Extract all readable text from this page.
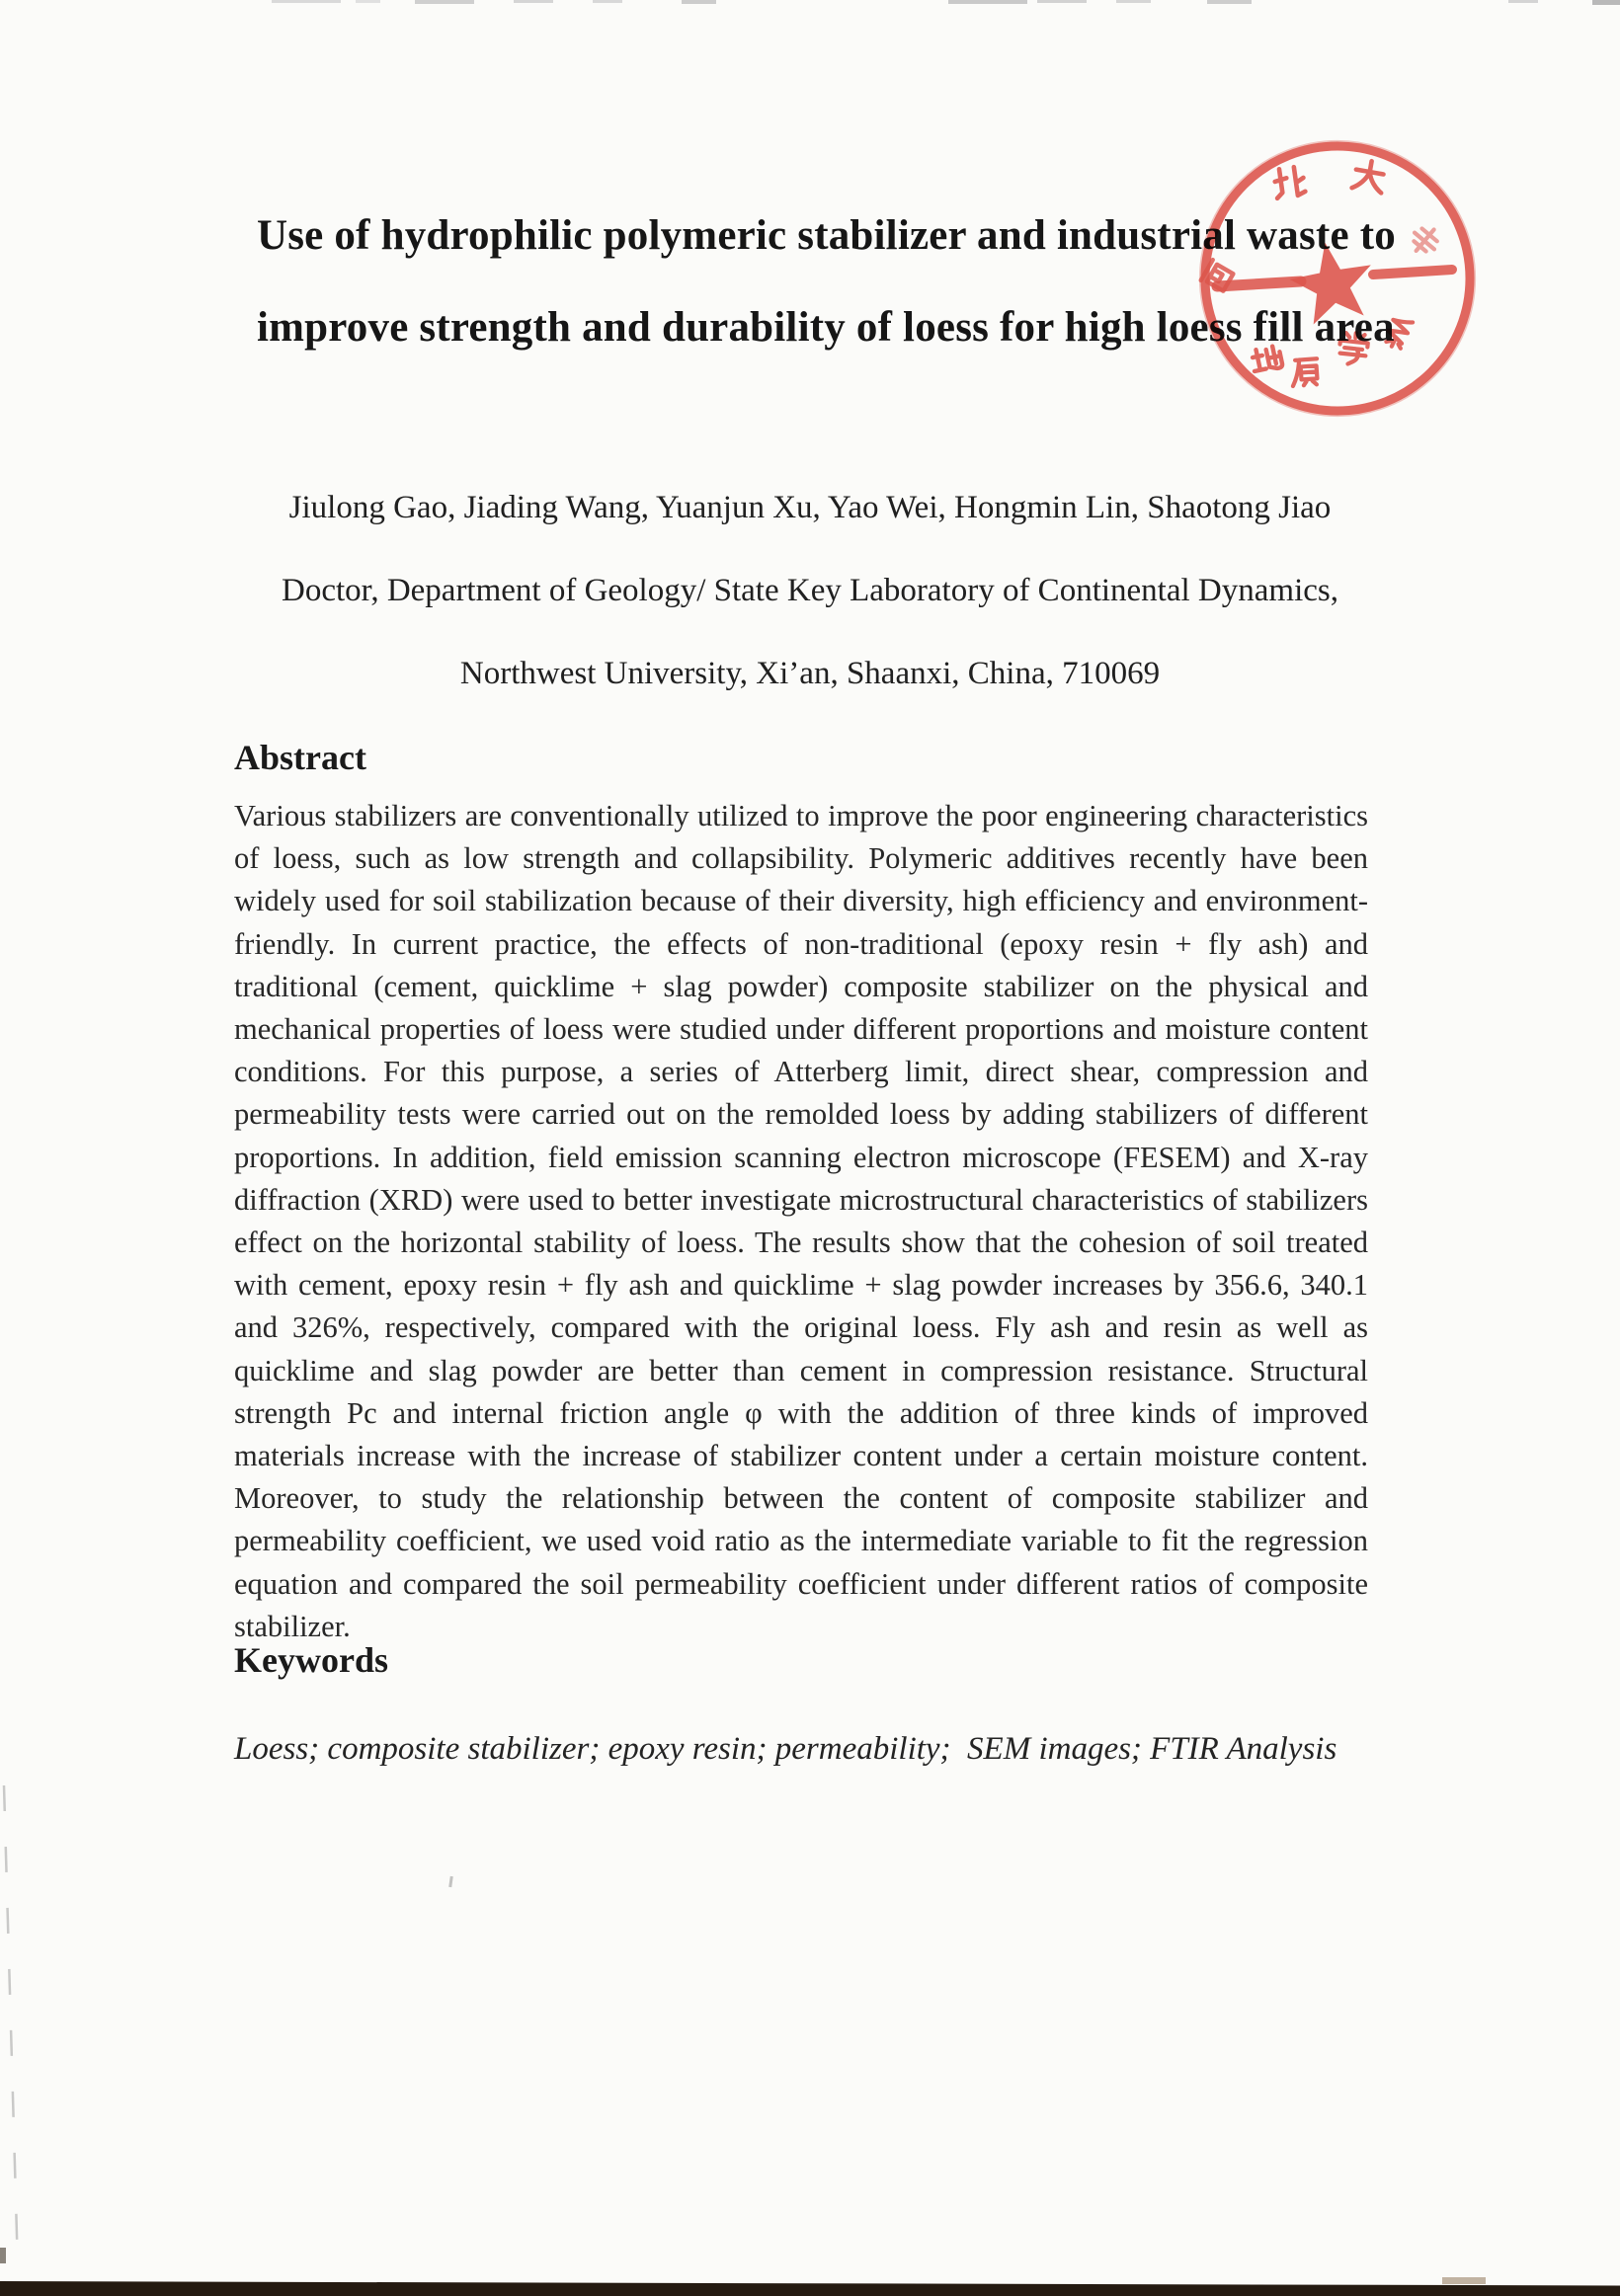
Use of hydrophilic polymeric stabilizer and industrial waste to
improve strength and durability of loess for high loess fill area
Jiulong Gao, Jiading Wang, Yuanjun Xu, Yao Wei, Hongmin Lin, Shaotong Jiao
Doctor, Department of Geology/ State Key Laboratory of Continental Dynamics,
Northwest University, Xi’an, Shaanxi, China, 710069
Abstract
Various stabilizers are conventionally utilized to improve the poor engineering characteristics of loess, such as low strength and collapsibility. Polymeric additives recently have been widely used for soil stabilization because of their diversity, high efficiency and environment-friendly. In current practice, the effects of non-traditional (epoxy resin + fly ash) and traditional (cement, quicklime + slag powder) composite stabilizer on the physical and mechanical properties of loess were studied under different proportions and moisture content conditions. For this purpose, a series of Atterberg limit, direct shear, compression and permeability tests were carried out on the remolded loess by adding stabilizers of different proportions. In addition, field emission scanning electron microscope (FESEM) and X-ray diffraction (XRD) were used to better investigate microstructural characteristics of stabilizers effect on the horizontal stability of loess. The results show that the cohesion of soil treated with cement, epoxy resin + fly ash and quicklime + slag powder increases by 356.6, 340.1 and 326%, respectively, compared with the original loess. Fly ash and resin as well as quicklime and slag powder are better than cement in compression resistance. Structural strength Pc and internal friction angle φ with the addition of three kinds of improved materials increase with the increase of stabilizer content under a certain moisture content. Moreover, to study the relationship between the content of composite stabilizer and permeability coefficient, we used void ratio as the intermediate variable to fit the regression equation and compared the soil permeability coefficient under different ratios of composite stabilizer.
Keywords
Loess; composite stabilizer; epoxy resin; permeability;  SEM images; FTIR Analysis
